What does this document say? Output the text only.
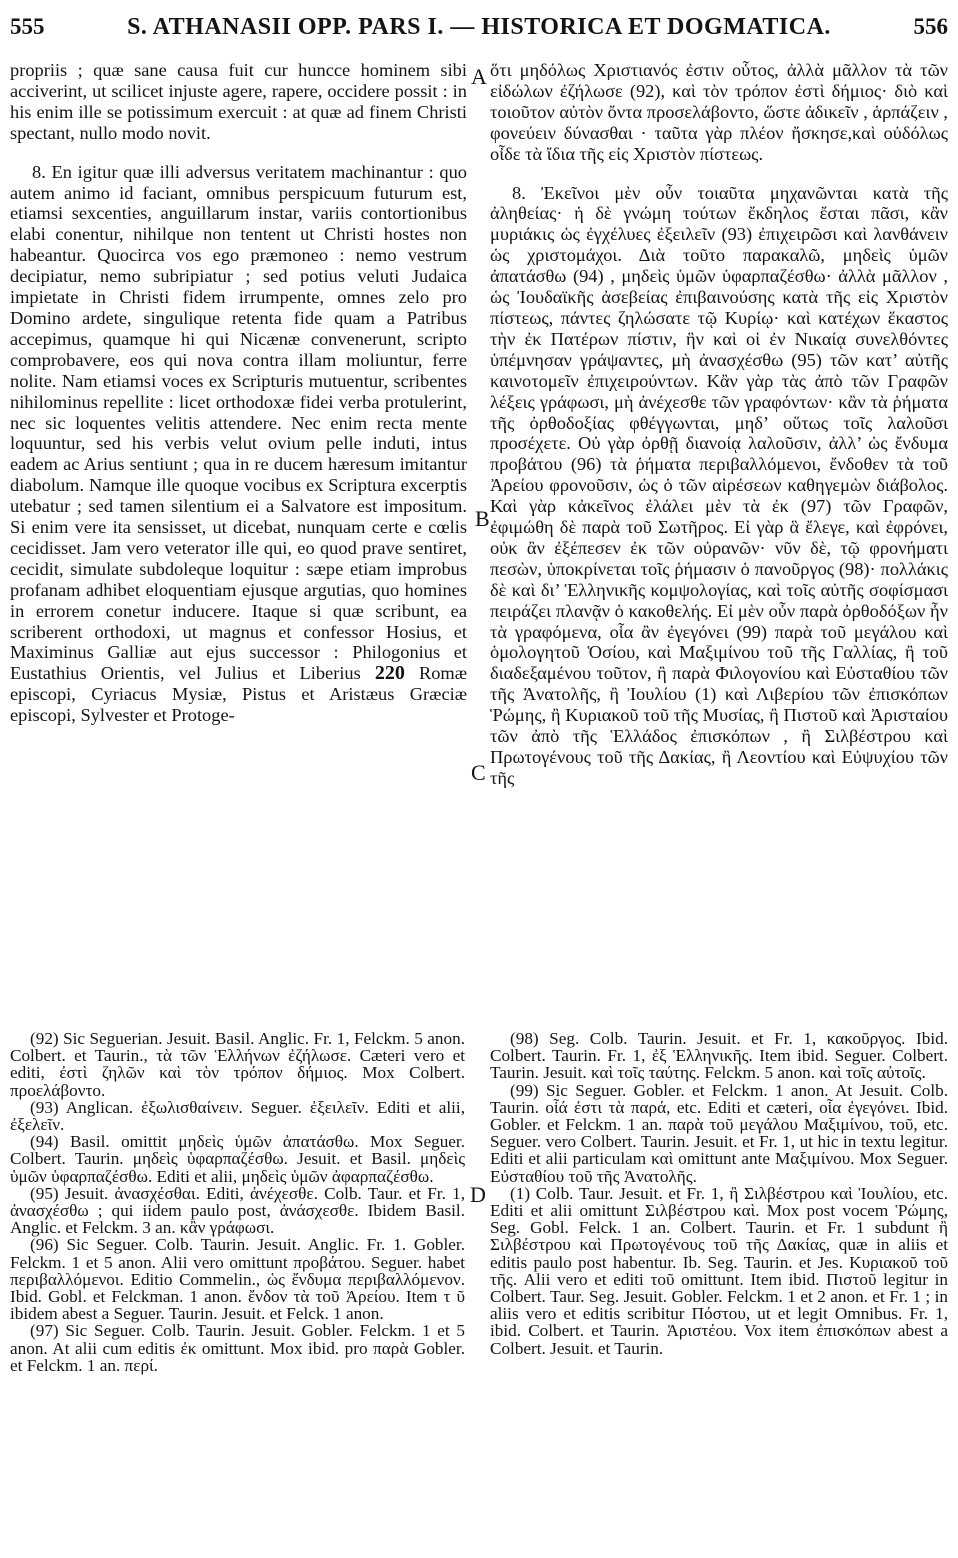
555	S. ATHANASII OPP. PARS I. — HISTORICA ET DOGMATICA.	556

propriis ; quæ sane causa fuit cur huncce hominem sibi acciverint, ut scilicet injuste agere, rapere, occidere possit : in his enim ille se potissimum exercuit : at quæ ad finem Christi spectant, nullo modo novit.

8. En igitur quæ illi adversus veritatem machinantur : quo autem animo id faciant, omnibus perspicuum futurum est, etiamsi sexcenties, anguillarum instar, variis contortionibus elabi conentur, nihilque non tentent ut Christi hostes non habeantur. Quocirca vos ego præmoneo : nemo vestrum decipiatur, nemo subripiatur ; sed potius veluti Judaica impietate in Christi fidem irrumpente, omnes zelo pro Domino ardete, singulique retenta fide quam a Patribus accepimus, quamque hi qui Nicænæ convenerunt, scripto comprobavere, eos qui nova contra illam moliuntur, ferre nolite. Nam etiamsi voces ex Scripturis mutuentur, scribentes nihilominus repellite : licet orthodoxæ fidei verba protulerint, nec sic loquentes velitis attendere. Nec enim recta mente loquuntur, sed his verbis velut ovium pelle induti, intus eadem ac Arius sentiunt ; qua in re ducem hæresum imitantur diabolum. Namque ille quoque vocibus ex Scriptura excerptis utebatur ; sed tamen silentium ei a Salvatore est impositum. Si enim vere ita sensisset, ut dicebat, nunquam certe e cœlis cecidisset. Jam vero veterator ille qui, eo quod prave sentiret, cecidit, simulate subdoleque loquitur : sæpe etiam improbus profanam adhibet eloquentiam ejusque argutias, quo homines in errorem conetur inducere. Itaque si quæ scribunt, ea scriberent orthodoxi, ut magnus et confessor Hosius, et Maximinus Galliæ aut ejus successor : Philogonius et Eustathius Orientis, vel Julius et Liberius 220 Romæ episcopi, Cyriacus Mysiæ, Pistus et Aristæus Græciæ episcopi, Sylvester et Protoge-

A
B
C
D

ὅτι μηδόλως Χριστιανός ἐστιν οὗτος, ἀλλὰ μᾶλλον τὰ τῶν εἰδώλων ἐζήλωσε (92), καὶ τὸν τρόπον ἐστὶ δήμιος· διὸ καὶ τοιοῦτον αὐτὸν ὄντα προσελάβοντο, ὥστε ἀδικεῖν , ἁρπάζειν , φονεύειν δύνασθαι · ταῦτα γὰρ πλέον ἤσκησε,καὶ οὐδόλως οἶδε τὰ ἴδια τῆς εἰς Χριστὸν πίστεως.

8. Ἐκεῖνοι μὲν οὖν τοιαῦτα μηχανῶνται κατὰ τῆς ἀληθείας· ἡ δὲ γνώμη τούτων ἔκδηλος ἔσται πᾶσι, κἂν μυριάκις ὡς ἐγχέλυες ἐξειλεῖν (93) ἐπιχειρῶσι καὶ λανθάνειν ὡς χριστομάχοι. Διὰ τοῦτο παρακαλῶ, μηδεὶς ὑμῶν ἀπατάσθω (94) , μηδεὶς ὑμῶν ὑφαρπαζέσθω· ἀλλὰ μᾶλλον , ὡς Ἰουδαϊκῆς ἀσεβείας ἐπιβαινούσης κατὰ τῆς εἰς Χριστὸν πίστεως, πάντες ζηλώσατε τῷ Κυρίῳ· καὶ κατέχων ἕκαστος τὴν ἐκ Πατέρων πίστιν, ἣν καὶ οἱ ἐν Νικαίᾳ συνελθόντες ὑπέμνησαν γράψαντες, μὴ ἀνασχέσθω (95) τῶν κατ’ αὐτῆς καινοτομεῖν ἐπιχειρούντων. Κἂν γὰρ τὰς ἀπὸ τῶν Γραφῶν λέξεις γράφωσι, μὴ ἀνέχεσθε τῶν γραφόντων· κἂν τὰ ῥήματα τῆς ὀρθοδοξίας φθέγγωνται, μηδ’ οὕτως τοῖς λαλοῦσι προσέχετε. Οὐ γὰρ ὀρθῇ διανοίᾳ λαλοῦσιν, ἀλλ’ ὡς ἔνδυμα προβάτου (96) τὰ ῥήματα περιβαλλόμενοι, ἔνδοθεν τὰ τοῦ Ἀρείου φρονοῦσιν, ὡς ὁ τῶν αἱρέσεων καθηγεμὼν διάβολος. Καὶ γὰρ κἀκεῖνος ἐλάλει μὲν τὰ ἐκ (97) τῶν Γραφῶν, ἐφιμώθη δὲ παρὰ τοῦ Σωτῆρος. Εἰ γὰρ ἃ ἔλεγε, καὶ ἐφρόνει, οὐκ ἂν ἐξέπεσεν ἐκ τῶν οὐρανῶν· νῦν δὲ, τῷ φρονήματι πεσὼν, ὑποκρίνεται τοῖς ῥήμασιν ὁ πανοῦργος (98)· πολλάκις δὲ καὶ δι’ Ἑλληνικῆς κομψολογίας, καὶ τοῖς αὐτῆς σοφίσμασι πειράζει πλανᾷν ὁ κακοθελής. Εἰ μὲν οὖν παρὰ ὀρθοδόξων ἦν τὰ γραφόμενα, οἷα ἂν ἐγεγόνει (99) παρὰ τοῦ μεγάλου καὶ ὁμολογητοῦ Ὁσίου, καὶ Μαξιμίνου τοῦ τῆς Γαλλίας, ἢ τοῦ διαδεξαμένου τοῦτον, ἢ παρὰ Φιλογονίου καὶ Εὐσταθίου τῶν τῆς Ἀνατολῆς, ἢ Ἰουλίου (1) καὶ Λιβερίου τῶν ἐπισκόπων Ῥώμης, ἢ Κυριακοῦ τοῦ τῆς Μυσίας, ἢ Πιστοῦ καὶ Ἀρισταίου τῶν ἀπὸ τῆς Ἑλλάδος ἐπισκόπων , ἢ Σιλβέστρου καὶ Πρωτογένους τοῦ τῆς Δακίας, ἢ Λεοντίου καὶ Εὐψυχίου τῶν τῆς

(92) Sic Seguerian. Jesuit. Basil. Anglic. Fr. 1, Felckm. 5 anon. Colbert. et Taurin., τὰ τῶν Ἑλλήνων ἐζήλωσε. Cæteri vero et editi, ἐστὶ ζηλῶν καὶ τὸν τρόπον δήμιος. Mox Colbert. προελάβοντο.

(93) Anglican. ἐξωλισθαίνειν. Seguer. ἐξειλεῖν. Editi et alii, ἐξελεῖν.

(94) Basil. omittit μηδεὶς ὑμῶν ἀπατάσθω. Mox Seguer. Colbert. Taurin. μηδεὶς ὑφαρπαζέσθω. Jesuit. et Basil. μηδεὶς ὑμῶν ὑφαρπαζέσθω. Editi et alii, μηδεὶς ὑμῶν ἀφαρπαζέσθω.

(95) Jesuit. ἀνασχέσθαι. Editi, ἀνέχεσθε. Colb. Taur. et Fr. 1, ἀνασχέσθω ; qui iidem paulo post, ἀνάσχεσθε. Ibidem Basil. Anglic. et Felckm. 3 an. κἂν γράφωσι.

(96) Sic Seguer. Colb. Taurin. Jesuit. Anglic. Fr. 1. Gobler. Felckm. 1 et 5 anon. Alii vero omittunt προβάτου. Seguer. habet περιβαλλόμενοι. Editio Commelin., ὡς ἔνδυμα περιβαλλόμενον. Ibid. Gobl. et Felckman. 1 anon. ἔνδον τὰ τοῦ Ἀρείου. Item τ ῦ ibidem abest a Seguer. Taurin. Jesuit. et Felck. 1 anon.

(97) Sic Seguer. Colb. Taurin. Jesuit. Gobler. Felckm. 1 et 5 anon. At alii cum editis ἐκ omittunt. Mox ibid. pro παρὰ Gobler. et Felckm. 1 an. περί.

(98) Seg. Colb. Taurin. Jesuit. et Fr. 1, κακοῦργος. Ibid. Colbert. Taurin. Fr. 1, ἐξ Ἑλληνικῆς. Item ibid. Seguer. Colbert. Taurin. Jesuit. καὶ τοῖς ταύτης. Felckm. 5 anon. καὶ τοῖς αὐτοῖς.

(99) Sic Seguer. Gobler. et Felckm. 1 anon. At Jesuit. Colb. Taurin. οἷά ἐστι τὰ παρά, etc. Editi et cæteri, οἷα ἐγεγόνει. Ibid. Gobler. et Felckm. 1 an. παρὰ τοῦ μεγάλου Μαξιμίνου, τοῦ, etc. Seguer. vero Colbert. Taurin. Jesuit. et Fr. 1, ut hic in textu legitur. Editi et alii particulam καὶ omittunt ante Μαξιμίνου. Mox Seguer. Εὐσταθίου τοῦ τῆς Ἀνατολῆς.

(1) Colb. Taur. Jesuit. et Fr. 1, ἢ Σιλβέστρου καὶ Ἰουλίου, etc. Editi et alii omittunt Σιλβέστρου καὶ. Mox post vocem Ῥώμης, Seg. Gobl. Felck. 1 an. Colbert. Taurin. et Fr. 1 subdunt ἢ Σιλβέστρου καὶ Πρωτογένους τοῦ τῆς Δακίας, quæ in aliis et editis paulo post habentur. Ib. Seg. Taurin. et Jes. Κυριακοῦ τοῦ τῆς. Alii vero et editi τοῦ omittunt. Item ibid. Πιστοῦ legitur in Colbert. Taur. Seg. Jesuit. Gobler. Felckm. 1 et 2 anon. et Fr. 1 ; in aliis vero et editis scribitur Πόστου, ut et legit Omnibus. Fr. 1, ibid. Colbert. et Taurin. Ἀριστέου. Vox item ἐπισκόπων abest a Colbert. Jesuit. et Taurin.
